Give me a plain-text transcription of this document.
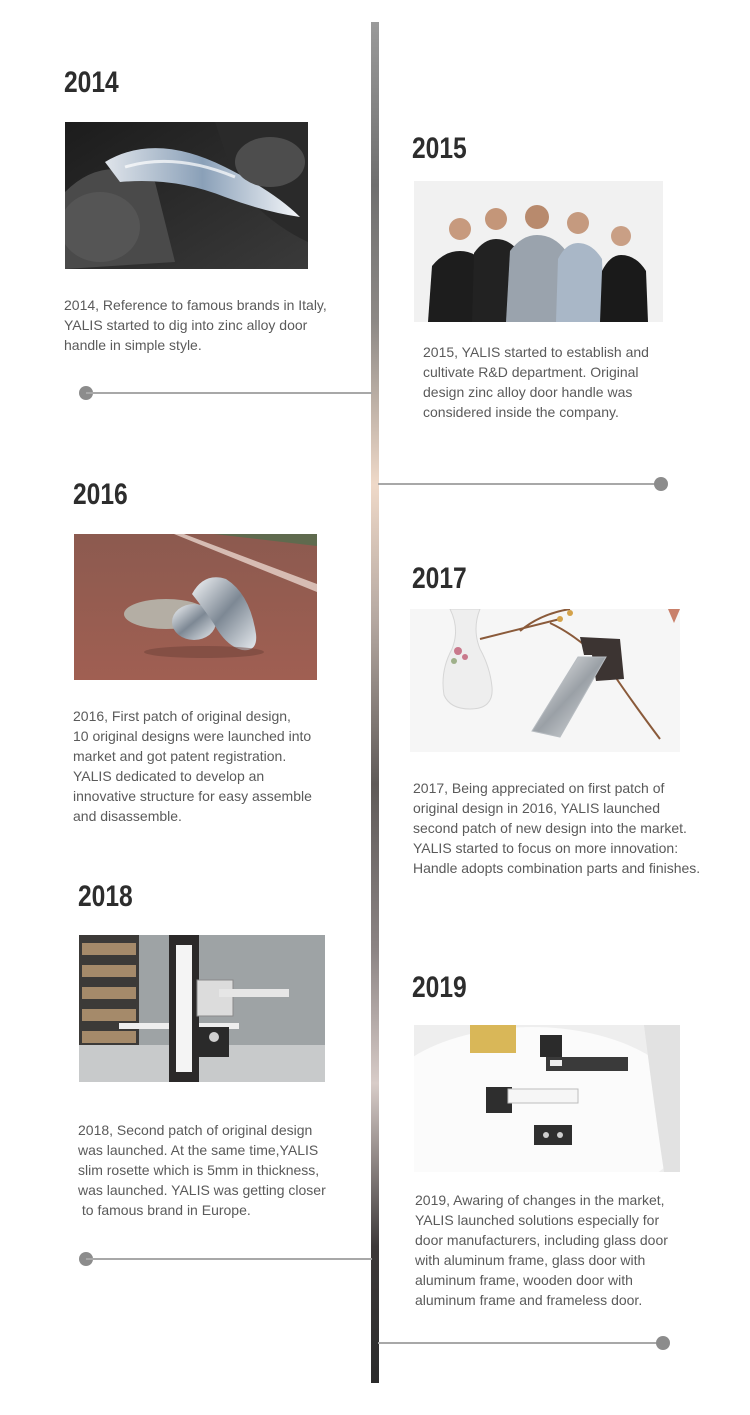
2014
2014, Reference to famous brands in Italy,
YALIS started to dig into zinc alloy door
handle in simple style.
2015
2015, YALIS started to establish and
cultivate R&D department. Original
design zinc alloy door handle was
considered inside the company.
2016
2016, First patch of original design,
10 original designs were launched into
market and got patent registration.
YALIS dedicated to develop an
innovative structure for easy assemble
and disassemble.
2017
2017, Being appreciated on first patch of
original design in 2016, YALIS launched
second patch of new design into the market.
YALIS started to focus on more innovation:
Handle adopts combination parts and finishes.
2018
2018, Second patch of original design
was launched. At the same time,YALIS
slim rosette which is 5mm in thickness,
was launched. YALIS was getting closer
to famous brand in Europe.
2019
2019, Awaring of changes in the market,
YALIS launched solutions especially for
door manufacturers, including glass door
with aluminum frame, glass door with
aluminum frame, wooden door with
aluminum frame and frameless door.
